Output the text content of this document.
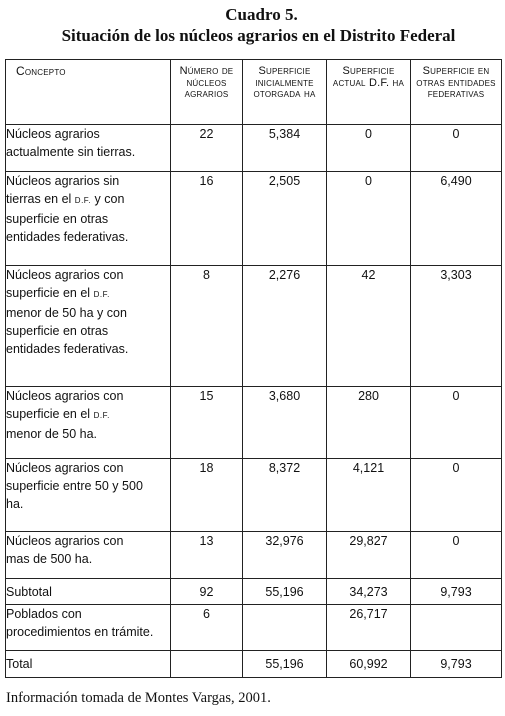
Cuadro 5.
Situación de los núcleos agrarios en el Distrito Federal
Concepto	Número de núcleos agrarios	Superficie inicialmente otorgada ha	Superficie actual D.F. ha	Superficie en otras entidades federativas
Núcleos agrarios
actualmente sin tierras.	22	5,384	0	0
Núcleos agrarios sin
tierras en el D.F. y con
superficie en otras
entidades federativas.	16	2,505	0	6,490
Núcleos agrarios con
superficie en el D.F.
menor de 50 ha y con
superficie en otras
entidades federativas.	8	2,276	42	3,303
Núcleos agrarios con
superficie en el D.F.
menor de 50 ha.	15	3,680	280	0
Núcleos agrarios con
superficie entre 50 y 500
ha.	18	8,372	4,121	0
Núcleos agrarios con
mas de 500 ha.	13	32,976	29,827	0
Subtotal	92	55,196	34,273	9,793
Poblados con
procedimientos en trámite.	6		26,717	
Total		55,196	60,992	9,793
Información tomada de Montes Vargas, 2001.
